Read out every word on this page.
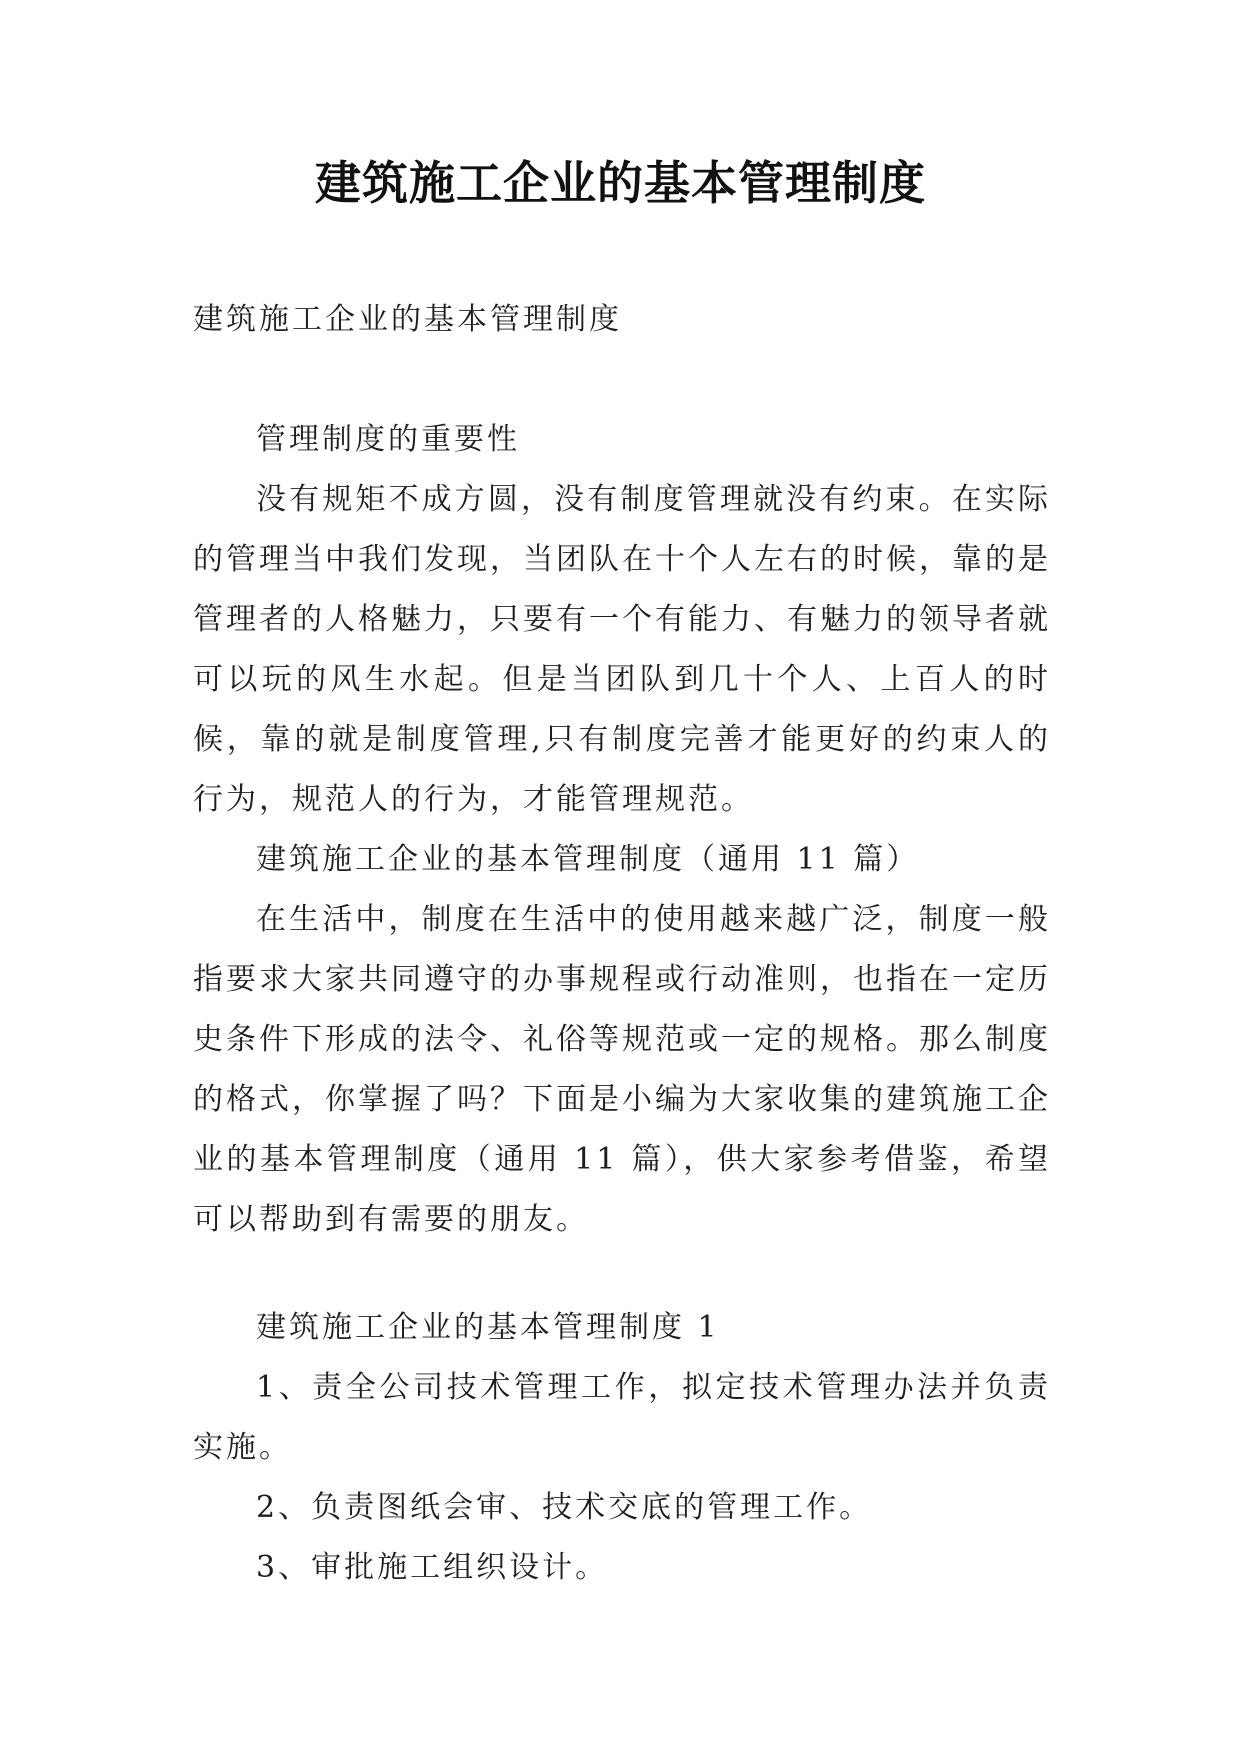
建筑施工企业的基本管理制度

建筑施工企业的基本管理制度

管理制度的重要性

没有规矩不成方圆，没有制度管理就没有约束。在实际的管理当中我们发现，当团队在十个人左右的时候，靠的是管理者的人格魅力，只要有一个有能力、有魅力的领导者就可以玩的风生水起。但是当团队到几十个人、上百人的时候，靠的就是制度管理,只有制度完善才能更好的约束人的行为，规范人的行为，才能管理规范。

建筑施工企业的基本管理制度（通用 11 篇）

在生活中，制度在生活中的使用越来越广泛，制度一般指要求大家共同遵守的办事规程或行动准则，也指在一定历史条件下形成的法令、礼俗等规范或一定的规格。那么制度的格式，你掌握了吗？下面是小编为大家收集的建筑施工企业的基本管理制度（通用 11 篇），供大家参考借鉴，希望可以帮助到有需要的朋友。

建筑施工企业的基本管理制度 1

1、责全公司技术管理工作，拟定技术管理办法并负责实施。

2、负责图纸会审、技术交底的管理工作。

3、审批施工组织设计。
